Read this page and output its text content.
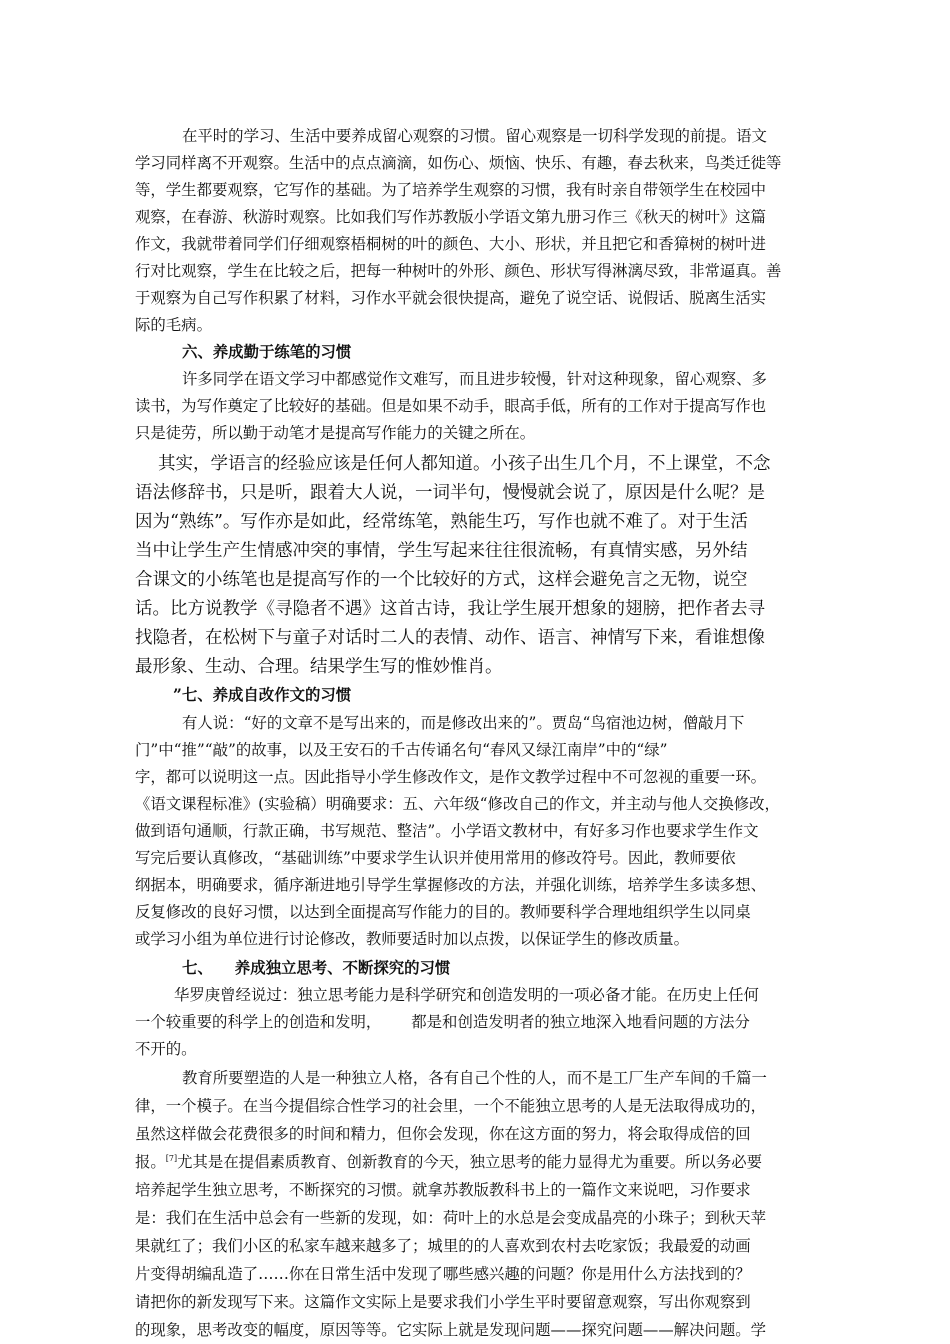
在平时的学习、生活中要养成留心观察的习惯。留心观察是一切科学发现的前提。语文
学习同样离不开观察。生活中的点点滴滴，如伤心、烦恼、快乐、有趣，春去秋来，鸟类迁徙等
等，学生都要观察，它写作的基础。为了培养学生观察的习惯，我有时亲自带领学生在校园中
观察，在春游、秋游时观察。比如我们写作苏教版小学语文第九册习作三《秋天的树叶》这篇
作文，我就带着同学们仔细观察梧桐树的叶的颜色、大小、形状，并且把它和香獐树的树叶进
行对比观察，学生在比较之后，把每一种树叶的外形、颜色、形状写得淋漓尽致，非常逼真。善
于观察为自己写作积累了材料，习作水平就会很快提高，避免了说空话、说假话、脱离生活实
际的毛病。
六、养成勤于练笔的习惯
许多同学在语文学习中都感觉作文难写，而且进步较慢，针对这种现象，留心观察、多
读书，为写作奠定了比较好的基础。但是如果不动手，眼高手低，所有的工作对于提高写作也
只是徒劳，所以勤于动笔才是提高写作能力的关键之所在。
其实，学语言的经验应该是任何人都知道。小孩子出生几个月，不上课堂，不念
语法修辞书，只是听，跟着大人说，一词半句，慢慢就会说了，原因是什么呢？是
因为“熟练”。写作亦是如此，经常练笔，熟能生巧，写作也就不难了。对于生活
当中让学生产生情感冲突的事情，学生写起来往往很流畅，有真情实感，另外结
合课文的小练笔也是提高写作的一个比较好的方式，这样会避免言之无物，说空
话。比方说教学《寻隐者不遇》这首古诗，我让学生展开想象的翅膀，把作者去寻
找隐者，在松树下与童子对话时二人的表情、动作、语言、神情写下来，看谁想像
最形象、生动、合理。结果学生写的惟妙惟肖。
”七、养成自改作文的习惯
有人说：“好的文章不是写出来的，而是修改出来的”。贾岛“鸟宿池边树，僧敲月下
门”中“推”“敲”的故事，以及王安石的千古传诵名句“春风又绿江南岸”中的“绿”
字，都可以说明这一点。因此指导小学生修改作文，是作文教学过程中不可忽视的重要一环。
《语文课程标准》(实验稿）明确要求：五、六年级“修改自己的作文，并主动与他人交换修改，
做到语句通顺，行款正确，书写规范、整洁”。小学语文教材中，有好多习作也要求学生作文
写完后要认真修改，“基础训练”中要求学生认识并使用常用的修改符号。因此，教师要依
纲据本，明确要求，循序渐进地引导学生掌握修改的方法，并强化训练，培养学生多读多想、
反复修改的良好习惯，以达到全面提高写作能力的目的。教师要科学合理地组织学生以同桌
或学习小组为单位进行讨论修改，教师要适时加以点拨，以保证学生的修改质量。
七、 养成独立思考、不断探究的习惯
华罗庚曾经说过：独立思考能力是科学研究和创造发明的一项必备才能。在历史上任何
一个较重要的科学上的创造和发明， 都是和创造发明者的独立地深入地看问题的方法分
不开的。
教育所要塑造的人是一种独立人格，各有自己个性的人，而不是工厂生产车间的千篇一
律，一个模子。在当今提倡综合性学习的社会里，一个不能独立思考的人是无法取得成功的，
虽然这样做会花费很多的时间和精力，但你会发现，你在这方面的努力，将会取得成倍的回
报。[7]尤其是在提倡素质教育、创新教育的今天，独立思考的能力显得尤为重要。所以务必要
培养起学生独立思考，不断探究的习惯。就拿苏教版教科书上的一篇作文来说吧，习作要求
是：我们在生活中总会有一些新的发现，如：荷叶上的水总是会变成晶亮的小珠子；到秋天苹
果就红了；我们小区的私家车越来越多了；城里的的人喜欢到农村去吃家饭；我最爱的动画
片变得胡编乱造了……你在日常生活中发现了哪些感兴趣的问题？你是用什么方法找到的？
请把你的新发现写下来。这篇作文实际上是要求我们小学生平时要留意观察，写出你观察到
的现象，思考改变的幅度，原因等等。它实际上就是发现问题——探究问题——解决问题。学
